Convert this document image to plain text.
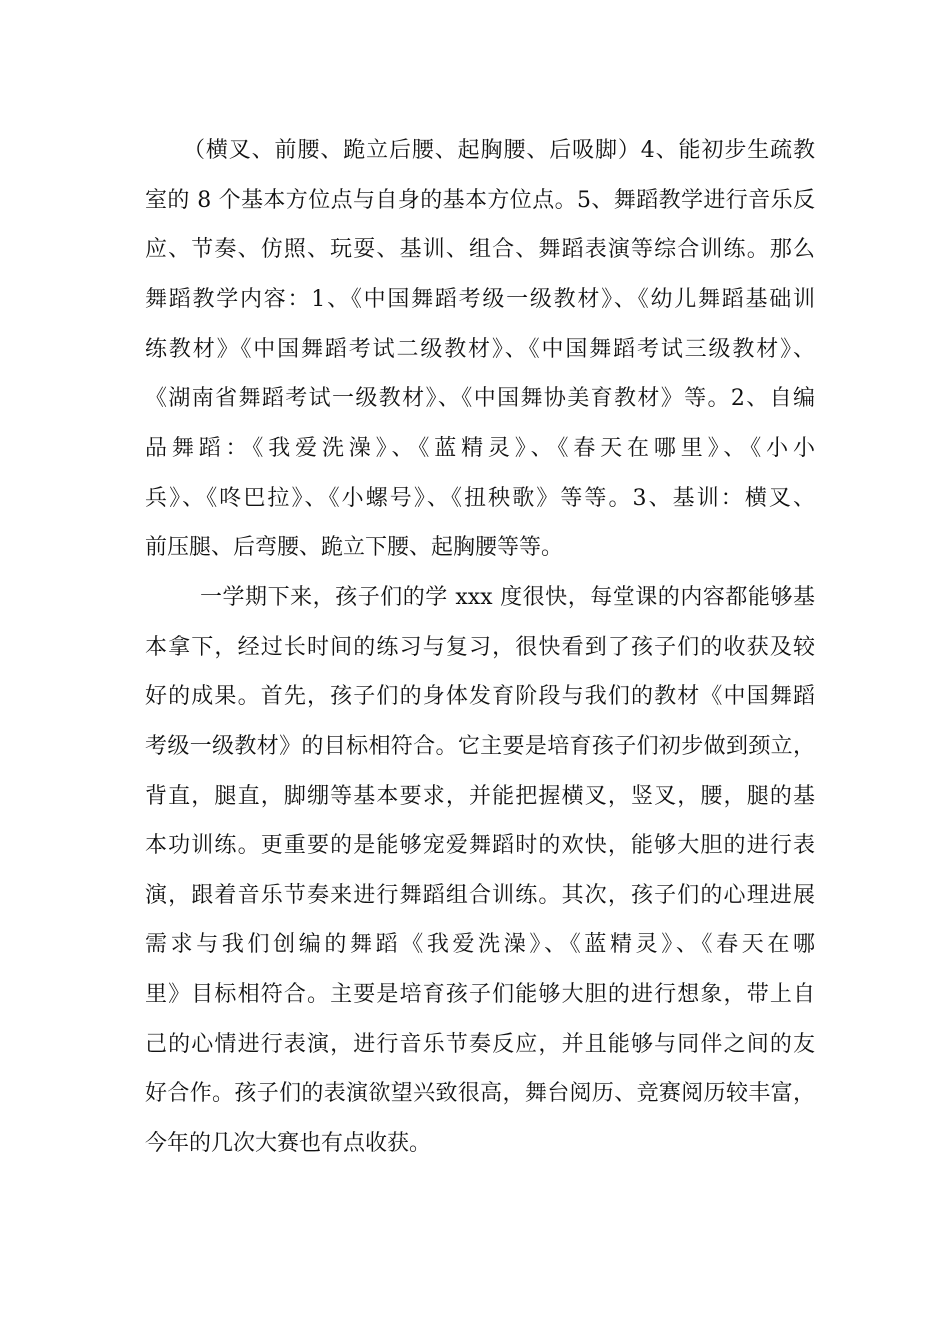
（横叉、前腰、跪立后腰、起胸腰、后吸脚）4、能初步生疏教
室的 8 个基本方位点与自身的基本方位点。5、舞蹈教学进行音乐反
应、节奏、仿照、玩耍、基训、组合、舞蹈表演等综合训练。那么
舞蹈教学内容：1、《中国舞蹈考级一级教材》、《幼儿舞蹈基础训
练教材》《中国舞蹈考试二级教材》、《中国舞蹈考试三级教材》、
《湖南省舞蹈考试一级教材》、《中国舞协美育教材》等。2、自编
品舞蹈：《我爱洗澡》、《蓝精灵》、《春天在哪里》、《小小
兵》、《咚巴拉》、《小螺号》、《扭秧歌》等等。3、基训：横叉、
前压腿、后弯腰、跪立下腰、起胸腰等等。
一学期下来，孩子们的学 xxx 度很快，每堂课的内容都能够基
本拿下，经过长时间的练习与复习，很快看到了孩子们的收获及较
好的成果。首先，孩子们的身体发育阶段与我们的教材《中国舞蹈
考级一级教材》的目标相符合。它主要是培育孩子们初步做到颈立，
背直，腿直，脚绷等基本要求，并能把握横叉，竖叉，腰，腿的基
本功训练。更重要的是能够宠爱舞蹈时的欢快，能够大胆的进行表
演，跟着音乐节奏来进行舞蹈组合训练。其次，孩子们的心理进展
需求与我们创编的舞蹈《我爱洗澡》、《蓝精灵》、《春天在哪
里》目标相符合。主要是培育孩子们能够大胆的进行想象，带上自
己的心情进行表演，进行音乐节奏反应，并且能够与同伴之间的友
好合作。孩子们的表演欲望兴致很高，舞台阅历、竞赛阅历较丰富，
今年的几次大赛也有点收获。
